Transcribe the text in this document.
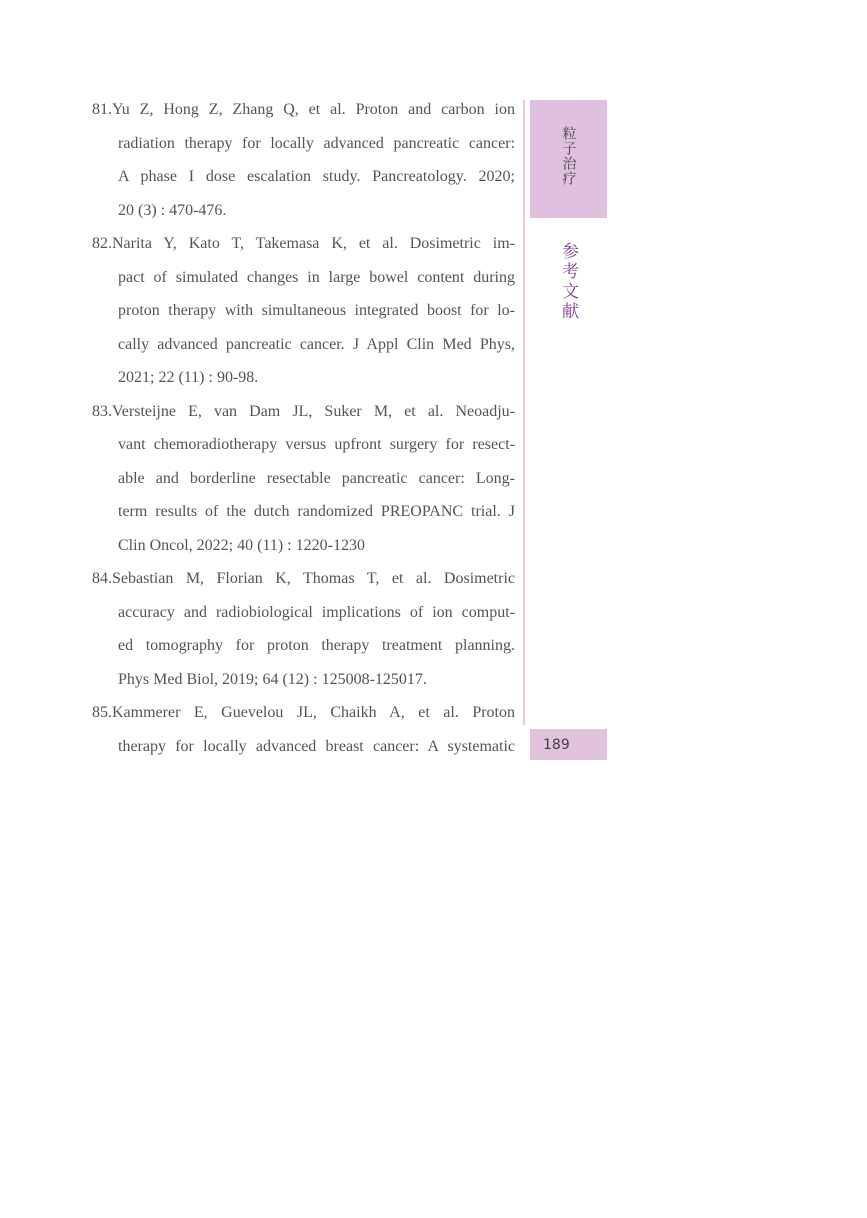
81.Yu Z, Hong Z, Zhang Q, et al. Proton and carbon ion
radiation therapy for locally advanced pancreatic cancer:
A phase I dose escalation study. Pancreatology. 2020;
20 (3) : 470-476.
82.Narita Y, Kato T, Takemasa K, et al. Dosimetric im-
pact of simulated changes in large bowel content during
proton therapy with simultaneous integrated boost for lo-
cally advanced pancreatic cancer. J Appl Clin Med Phys,
2021; 22 (11) : 90-98.
83.Versteijne E, van Dam JL, Suker M, et al. Neoadju-
vant chemoradiotherapy versus upfront surgery for resect-
able and borderline resectable pancreatic cancer: Long-
term results of the dutch randomized PREOPANC trial. J
Clin Oncol, 2022; 40 (11) : 1220-1230
84.Sebastian M, Florian K, Thomas T, et al. Dosimetric
accuracy and radiobiological implications of ion comput-
ed tomography for proton therapy treatment planning.
Phys Med Biol, 2019; 64 (12) : 125008-125017.
85.Kammerer E, Guevelou JL, Chaikh A, et al. Proton
therapy for locally advanced breast cancer: A systematic
粒子治疗
参考文献
189
